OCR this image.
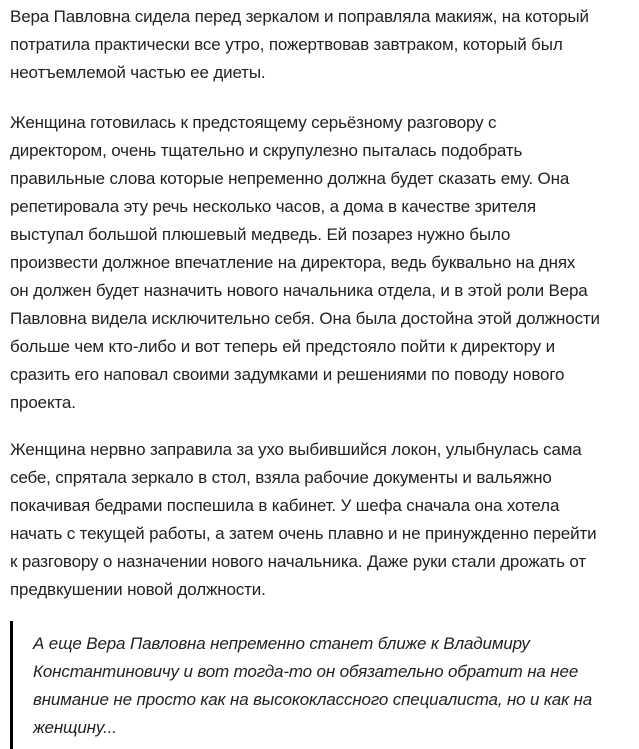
Вера Павловна сидела перед зеркалом и поправляла макияж, на который
потратила практически все утро, пожертвовав завтраком, который был
неотъемлемой частью ее диеты.

Женщина готовилась к предстоящему серьёзному разговору с
директором, очень тщательно и скрупулезно пыталась подобрать
правильные слова которые непременно должна будет сказать ему. Она
репетировала эту речь несколько часов, а дома в качестве зрителя
выступал большой плюшевый медведь. Ей позарез нужно было
произвести должное впечатление на директора, ведь буквально на днях
он должен будет назначить нового начальника отдела, и в этой роли Вера
Павловна видела исключительно себя. Она была достойна этой должности
больше чем кто-либо и вот теперь ей предстояло пойти к директору и
сразить его наповал своими задумками и решениями по поводу нового
проекта.

Женщина нервно заправила за ухо выбившийся локон, улыбнулась сама
себе, спрятала зеркало в стол, взяла рабочие документы и вальяжно
покачивая бедрами поспешила в кабинет. У шефа сначала она хотела
начать с текущей работы, а затем очень плавно и не принужденно перейти
к разговору о назначении нового начальника. Даже руки стали дрожать от
предвкушении новой должности.

А еще Вера Павловна непременно станет ближе к Владимиру
Константиновичу и вот тогда-то он обязательно обратит на нее
внимание не просто как на высококлассного специалиста, но и как на
женщину...
